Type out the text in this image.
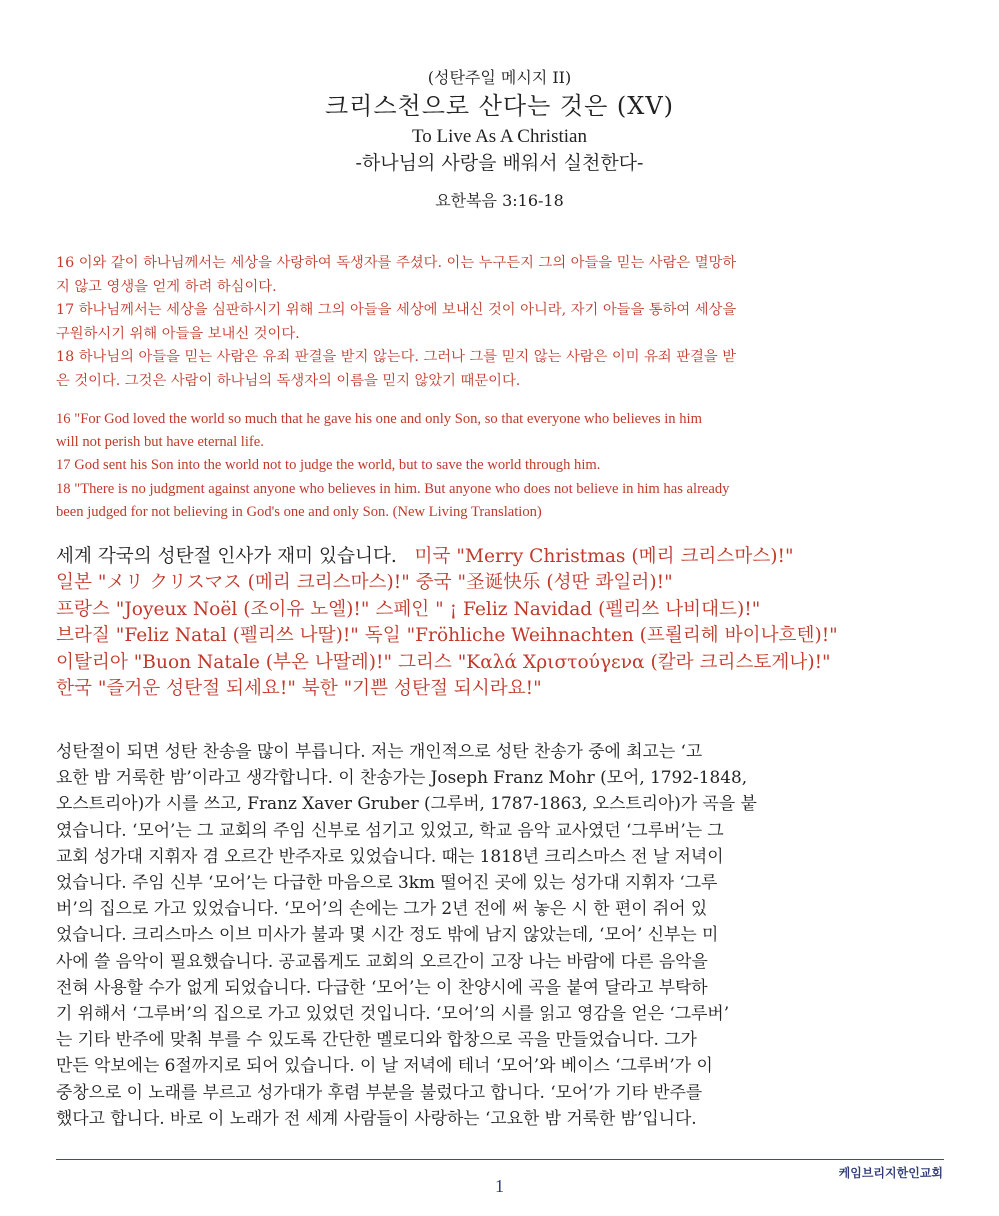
(성탄주일 메시지 II)
크리스천으로 산다는 것은 (XV)
To Live As A Christian
-하나님의 사랑을 배워서 실천한다-
요한복음 3:16-18
16 이와 같이 하나님께서는 세상을 사랑하여 독생자를 주셨다. 이는 누구든지 그의 아들을 믿는 사람은 멸망하
지 않고 영생을 얻게 하려 하심이다.
17 하나님께서는 세상을 심판하시기 위해 그의 아들을 세상에 보내신 것이 아니라, 자기 아들을 통하여 세상을
구원하시기 위해 아들을 보내신 것이다.
18 하나님의 아들을 믿는 사람은 유죄 판결을 받지 않는다. 그러나 그를 믿지 않는 사람은 이미 유죄 판결을 받
은 것이다. 그것은 사람이 하나님의 독생자의 이름을 믿지 않았기 때문이다.
16 "For God loved the world so much that he gave his one and only Son, so that everyone who believes in him
will not perish but have eternal life.
17 God sent his Son into the world not to judge the world, but to save the world through him.
18 "There is no judgment against anyone who believes in him. But anyone who does not believe in him has already
been judged for not believing in God's one and only Son. (New Living Translation)
세계 각국의 성탄절 인사가 재미 있습니다. 미국 "Merry Christmas (메리 크리스마스)!"
일본 "メリ クリスマス (메리 크리스마스)!" 중국 "圣诞快乐 (셩딴 콰일러)!"
프랑스 "Joyeux Noël (조이유 노엘)!" 스페인 " ¡ Feliz Navidad (펠리쓰 나비대드)!"
브라질 "Feliz Natal (펠리쓰 나딸)!" 독일 "Fröhliche Weihnachten (프뢸리헤 바이나흐텐)!"
이탈리아 "Buon Natale (부온 나딸레)!" 그리스 "Καλά Χριστούγενα (칼라 크리스토게나)!"
한국 "즐거운 성탄절 되세요!" 북한 "기쁜 성탄절 되시라요!"
성탄절이 되면 성탄 찬송을 많이 부릅니다. 저는 개인적으로 성탄 찬송가 중에 최고는 ‘고
요한 밤 거룩한 밤’이라고 생각합니다. 이 찬송가는 Joseph Franz Mohr (모어, 1792-1848,
오스트리아)가 시를 쓰고, Franz Xaver Gruber (그루버, 1787-1863, 오스트리아)가 곡을 붙
였습니다. ‘모어’는 그 교회의 주임 신부로 섬기고 있었고, 학교 음악 교사였던 ‘그루버’는 그
교회 성가대 지휘자 겸 오르간 반주자로 있었습니다. 때는 1818년 크리스마스 전 날 저녁이
었습니다. 주임 신부 ‘모어’는 다급한 마음으로 3km 떨어진 곳에 있는 성가대 지휘자 ‘그루
버’의 집으로 가고 있었습니다. ‘모어’의 손에는 그가 2년 전에 써 놓은 시 한 편이 쥐어 있
었습니다. 크리스마스 이브 미사가 불과 몇 시간 정도 밖에 남지 않았는데, ‘모어’ 신부는 미
사에 쓸 음악이 필요했습니다. 공교롭게도 교회의 오르간이 고장 나는 바람에 다른 음악을
전혀 사용할 수가 없게 되었습니다. 다급한 ‘모어’는 이 찬양시에 곡을 붙여 달라고 부탁하
기 위해서 ‘그루버’의 집으로 가고 있었던 것입니다. ‘모어’의 시를 읽고 영감을 얻은 ‘그루버’
는 기타 반주에 맞춰 부를 수 있도록 간단한 멜로디와 합창으로 곡을 만들었습니다. 그가
만든 악보에는 6절까지로 되어 있습니다. 이 날 저녁에 테너 ‘모어’와 베이스 ‘그루버’가 이
중창으로 이 노래를 부르고 성가대가 후렴 부분을 불렀다고 합니다. ‘모어’가 기타 반주를
했다고 합니다. 바로 이 노래가 전 세계 사람들이 사랑하는 ‘고요한 밤 거룩한 밤’입니다.
케임브리지한인교회
1
